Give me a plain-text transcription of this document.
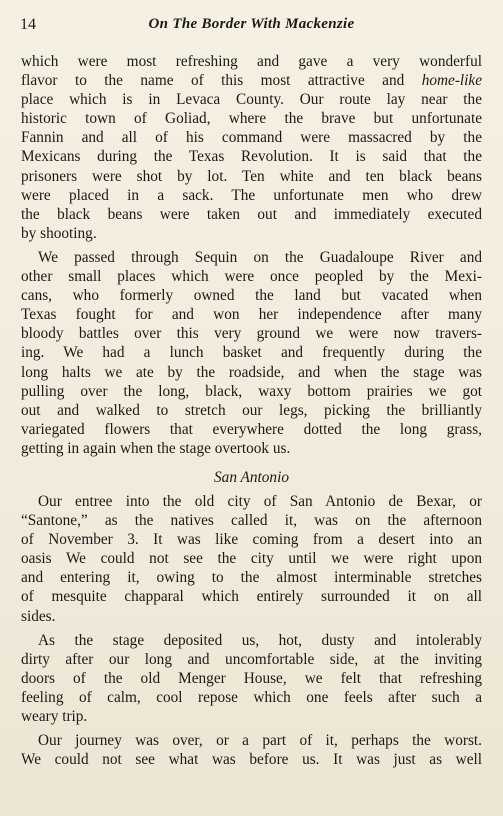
14	On The Border With Mackenzie
which were most refreshing and gave a very wonderful
flavor to the name of this most attractive and home-like
place which is in Levaca County. Our route lay near the
historic town of Goliad, where the brave but unfortunate
Fannin and all of his command were massacred by the
Mexicans during the Texas Revolution. It is said that the
prisoners were shot by lot. Ten white and ten black beans
were placed in a sack. The unfortunate men who drew
the black beans were taken out and immediately executed
by shooting.
We passed through Sequin on the Guadaloupe River and
other small places which were once peopled by the Mexi-
cans, who formerly owned the land but vacated when
Texas fought for and won her independence after many
bloody battles over this very ground we were now travers-
ing. We had a lunch basket and frequently during the
long halts we ate by the roadside, and when the stage was
pulling over the long, black, waxy bottom prairies we got
out and walked to stretch our legs, picking the brilliantly
variegated flowers that everywhere dotted the long grass,
getting in again when the stage overtook us.
San Antonio
Our entree into the old city of San Antonio de Bexar, or
“Santone,” as the natives called it, was on the afternoon
of November 3. It was like coming from a desert into an
oasis We could not see the city until we were right upon
and entering it, owing to the almost interminable stretches
of mesquite chapparal which entirely surrounded it on all
sides.
As the stage deposited us, hot, dusty and intolerably
dirty after our long and uncomfortable side, at the inviting
doors of the old Menger House, we felt that refreshing
feeling of calm, cool repose which one feels after such a
weary trip.
Our journey was over, or a part of it, perhaps the worst.
We could not see what was before us. It was just as well
